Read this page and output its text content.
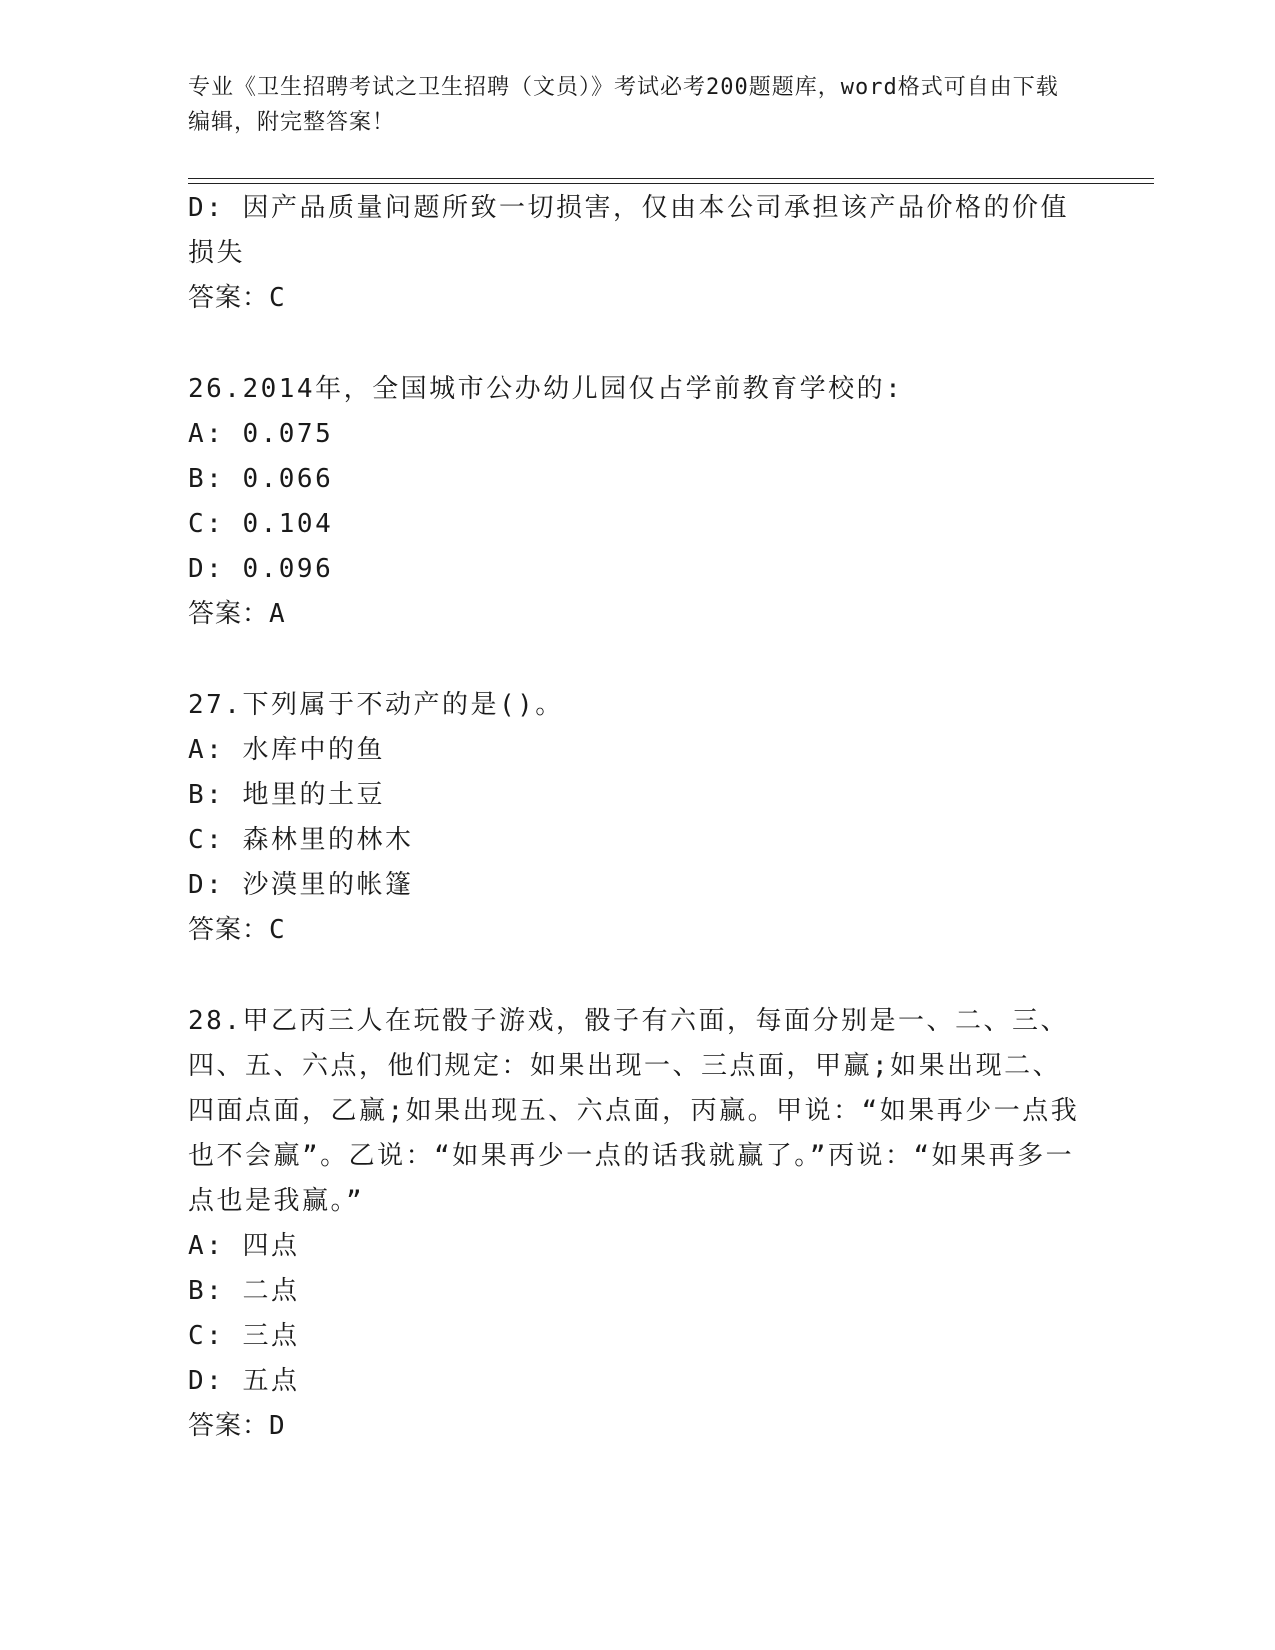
专业《卫生招聘考试之卫生招聘（文员）》考试必考200题题库，word格式可自由下载编辑，附完整答案！
D: 因产品质量问题所致一切损害，仅由本公司承担该产品价格的价值损失
答案：C
26.2014年，全国城市公办幼儿园仅占学前教育学校的:
A: 0.075
B: 0.066
C: 0.104
D: 0.096
答案：A
27.下列属于不动产的是()。
A: 水库中的鱼
B: 地里的土豆
C: 森林里的林木
D: 沙漠里的帐篷
答案：C
28.甲乙丙三人在玩骰子游戏，骰子有六面，每面分别是一、二、三、四、五、六点，他们规定：如果出现一、三点面，甲赢;如果出现二、四面点面，乙赢;如果出现五、六点面，丙赢。甲说：“如果再少一点我也不会赢”。乙说：“如果再少一点的话我就赢了。”丙说：“如果再多一点也是我赢。”
A: 四点
B: 二点
C: 三点
D: 五点
答案：D
